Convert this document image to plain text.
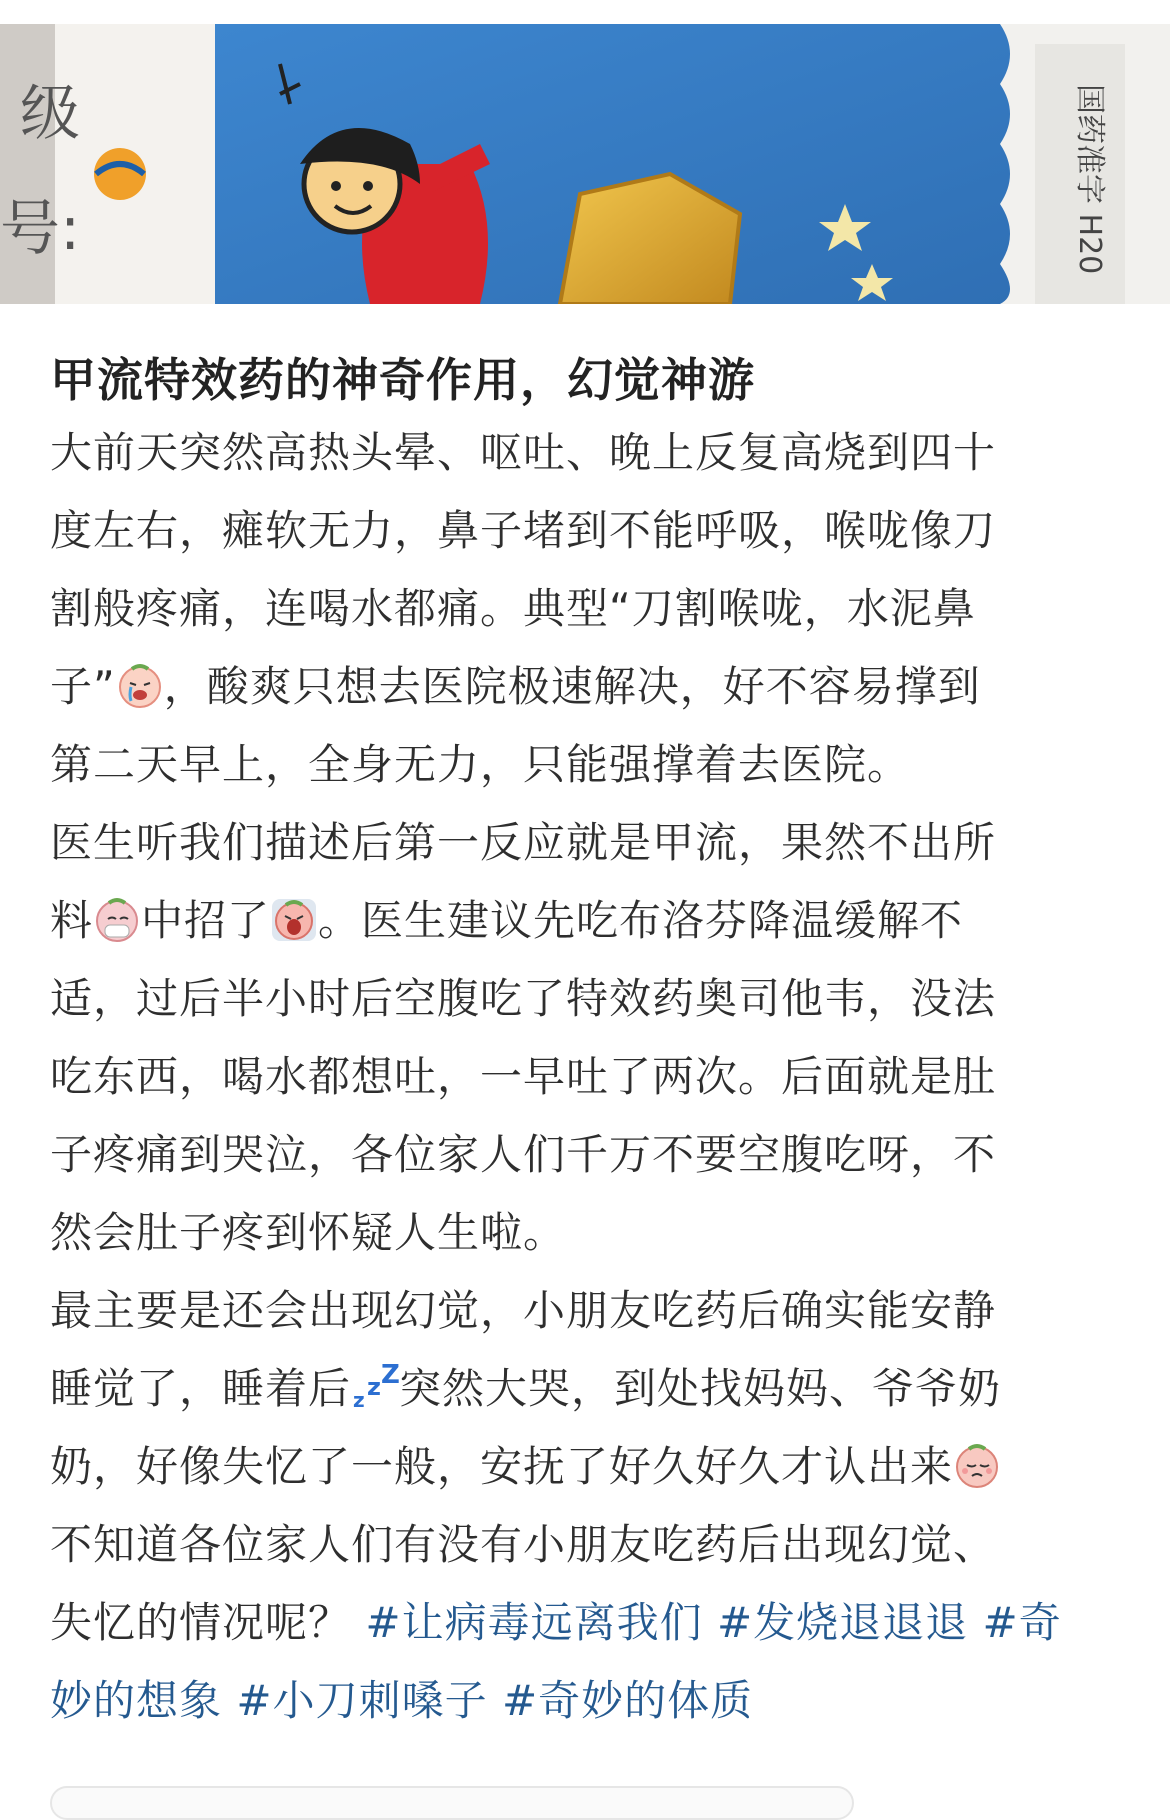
级
号:	国药准字 H20
甲流特效药的神奇作用，幻觉神游
大前天突然高热头晕、呕吐、晚上反复高烧到四十
度左右，瘫软无力，鼻子堵到不能呼吸，喉咙像刀
割般疼痛，连喝水都痛。典型“刀割喉咙，水泥鼻
子” ，酸爽只想去医院极速解决，好不容易撑到
第二天早上，全身无力，只能强撑着去医院。
医生听我们描述后第一反应就是甲流，果然不出所
料 中招了 。医生建议先吃布洛芬降温缓解不
适，过后半小时后空腹吃了特效药奥司他韦，没法
吃东西，喝水都想吐，一早吐了两次。后面就是肚
子疼痛到哭泣，各位家人们千万不要空腹吃呀，不
然会肚子疼到怀疑人生啦。
最主要是还会出现幻觉，小朋友吃药后确实能安静
睡觉了，睡着后 z z Z
突然大哭，到处找妈妈、爷爷奶
奶，好像失忆了一般，安抚了好久好久才认出来
不知道各位家人们有没有小朋友吃药后出现幻觉、
失忆的情况呢？ #让病毒远离我们 #发烧退退退 #奇
妙的想象 #小刀刺嗓子 #奇妙的体质
